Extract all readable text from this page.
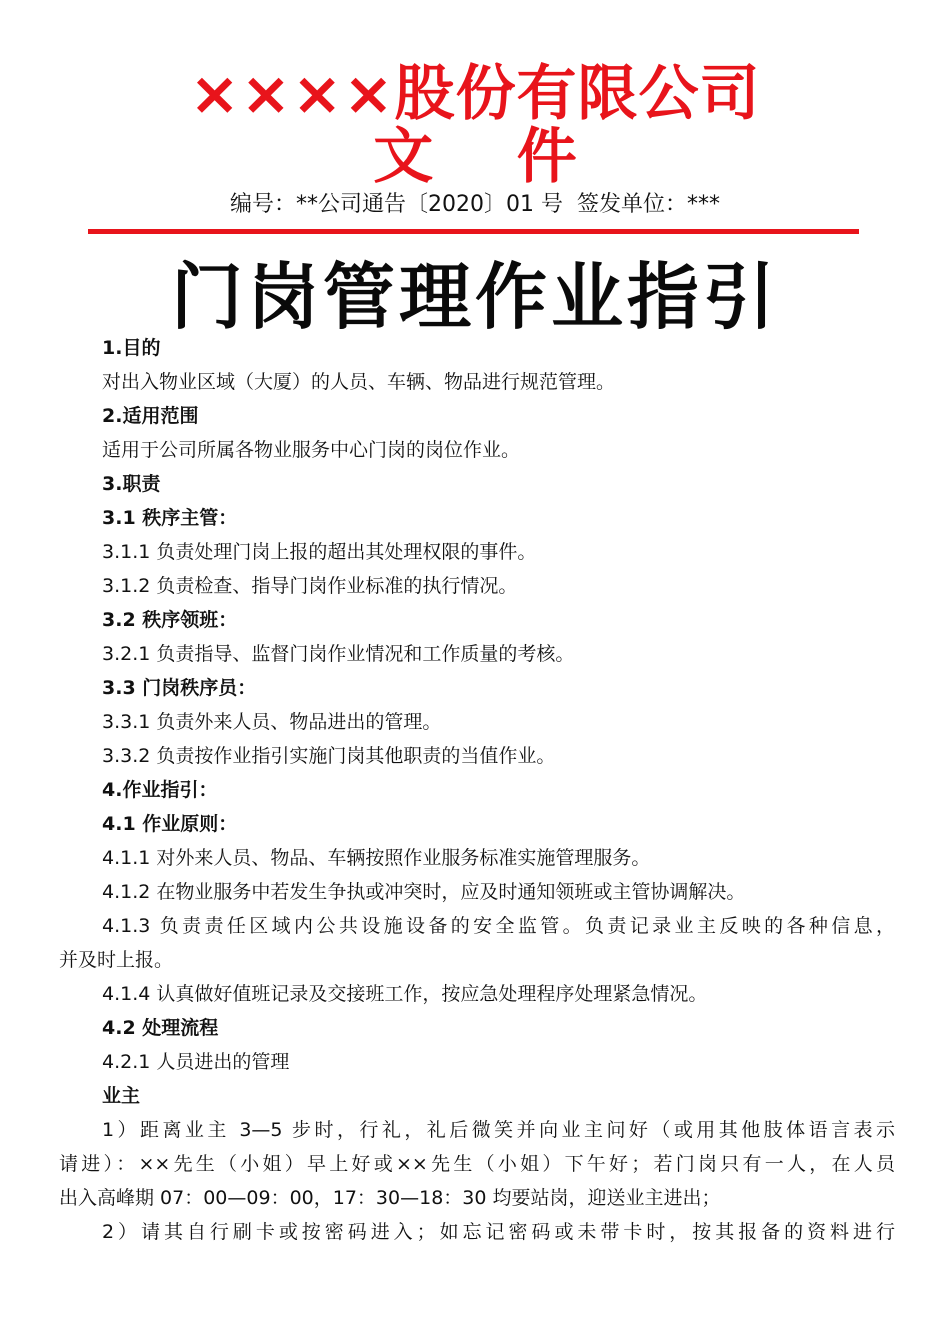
××××股份有限公司
文    件
编号：**公司通告〔2020〕01 号  签发单位：***
门岗管理作业指引
1.目的
对出入物业区域（大厦）的人员、车辆、物品进行规范管理。
2.适用范围
适用于公司所属各物业服务中心门岗的岗位作业。
3.职责
3.1 秩序主管：
3.1.1 负责处理门岗上报的超出其处理权限的事件。
3.1.2 负责检查、指导门岗作业标准的执行情况。
3.2 秩序领班：
3.2.1 负责指导、监督门岗作业情况和工作质量的考核。
3.3 门岗秩序员：
3.3.1 负责外来人员、物品进出的管理。
3.3.2 负责按作业指引实施门岗其他职责的当值作业。
4.作业指引：
4.1 作业原则：
4.1.1 对外来人员、物品、车辆按照作业服务标准实施管理服务。
4.1.2 在物业服务中若发生争执或冲突时，应及时通知领班或主管协调解决。
4.1.3 负责责任区域内公共设施设备的安全监管。负责记录业主反映的各种信息，
并及时上报。
4.1.4 认真做好值班记录及交接班工作，按应急处理程序处理紧急情况。
4.2 处理流程
4.2.1 人员进出的管理
业主
1）距离业主 3—5 步时，行礼，礼后微笑并向业主问好（或用其他肢体语言表示
请进）：××先生（小姐）早上好或××先生（小姐）下午好；若门岗只有一人，在人员
出入高峰期 07：00—09：00，17：30—18：30 均要站岗，迎送业主进出；
2）请其自行刷卡或按密码进入；如忘记密码或未带卡时，按其报备的资料进行
